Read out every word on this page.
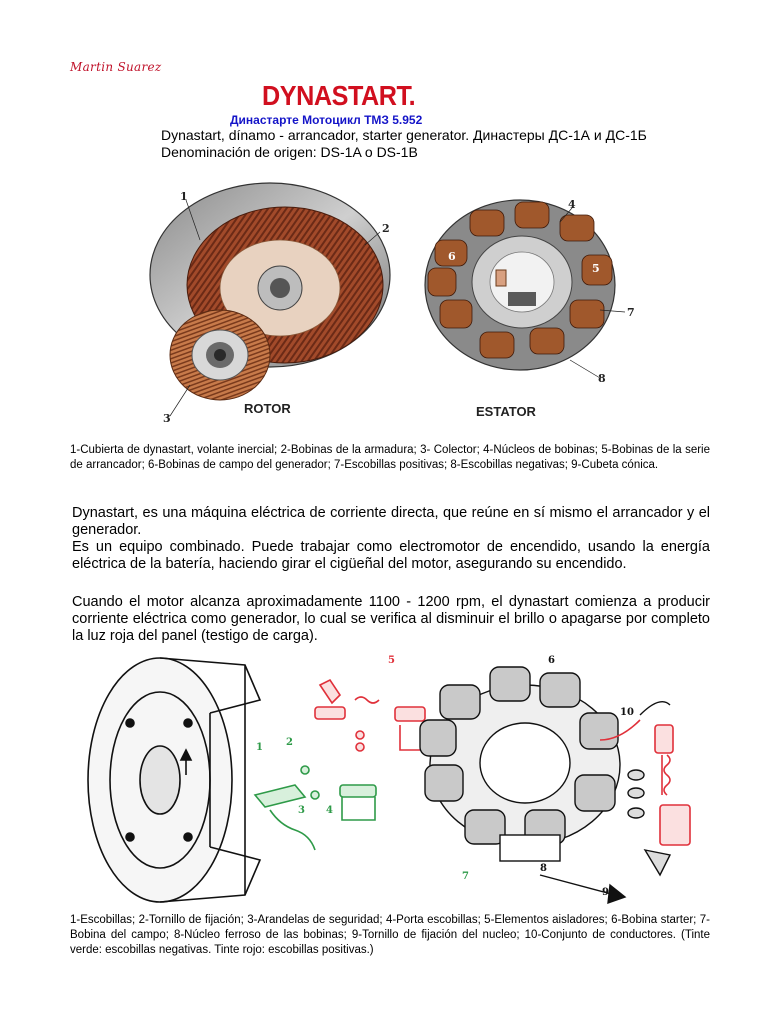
Martin Suarez
DYNASTART.
Династарте Мотоцикл ТМЗ 5.952
Dynastart, dínamo - arrancador, starter generator. Династеры ДС-1А и ДС-1Б
Denominación de origen: DS-1A o DS-1B
1
2
3
4
5
6
7
8
ROTOR	ESTATOR
1-Cubierta de dynastart, volante inercial; 2-Bobinas de la armadura; 3- Colector; 4-Núcleos de bobinas; 5-Bobinas de la serie de arrancador; 6-Bobinas de campo del generador; 7-Escobillas positivas; 8-Escobillas negativas; 9-Cubeta cónica.

Dynastart, es una máquina eléctrica de corriente directa, que reúne en sí mismo el arrancador y el generador.

Es un equipo combinado. Puede trabajar como electromotor de encendido, usando la energía eléctrica de la batería, haciendo girar el cigüeñal del motor, asegurando su encendido.

Cuando el motor alcanza aproximadamente 1100 - 1200 rpm, el dynastart comienza a producir corriente eléctrica como generador, lo cual se verifica al disminuir el brillo o apagarse por completo la luz roja del panel (testigo de carga).
1 2
3 4
5	6
7
8
9
10
1-Escobillas; 2-Tornillo de fijación; 3-Arandelas de seguridad; 4-Porta escobillas; 5-Elementos aisladores; 6-Bobina starter; 7-Bobina del campo; 8-Núcleo ferroso de las bobinas; 9-Tornillo de fijación del nucleo; 10-Conjunto de conductores. (Tinte verde: escobillas negativas. Tinte rojo: escobillas positivas.)
